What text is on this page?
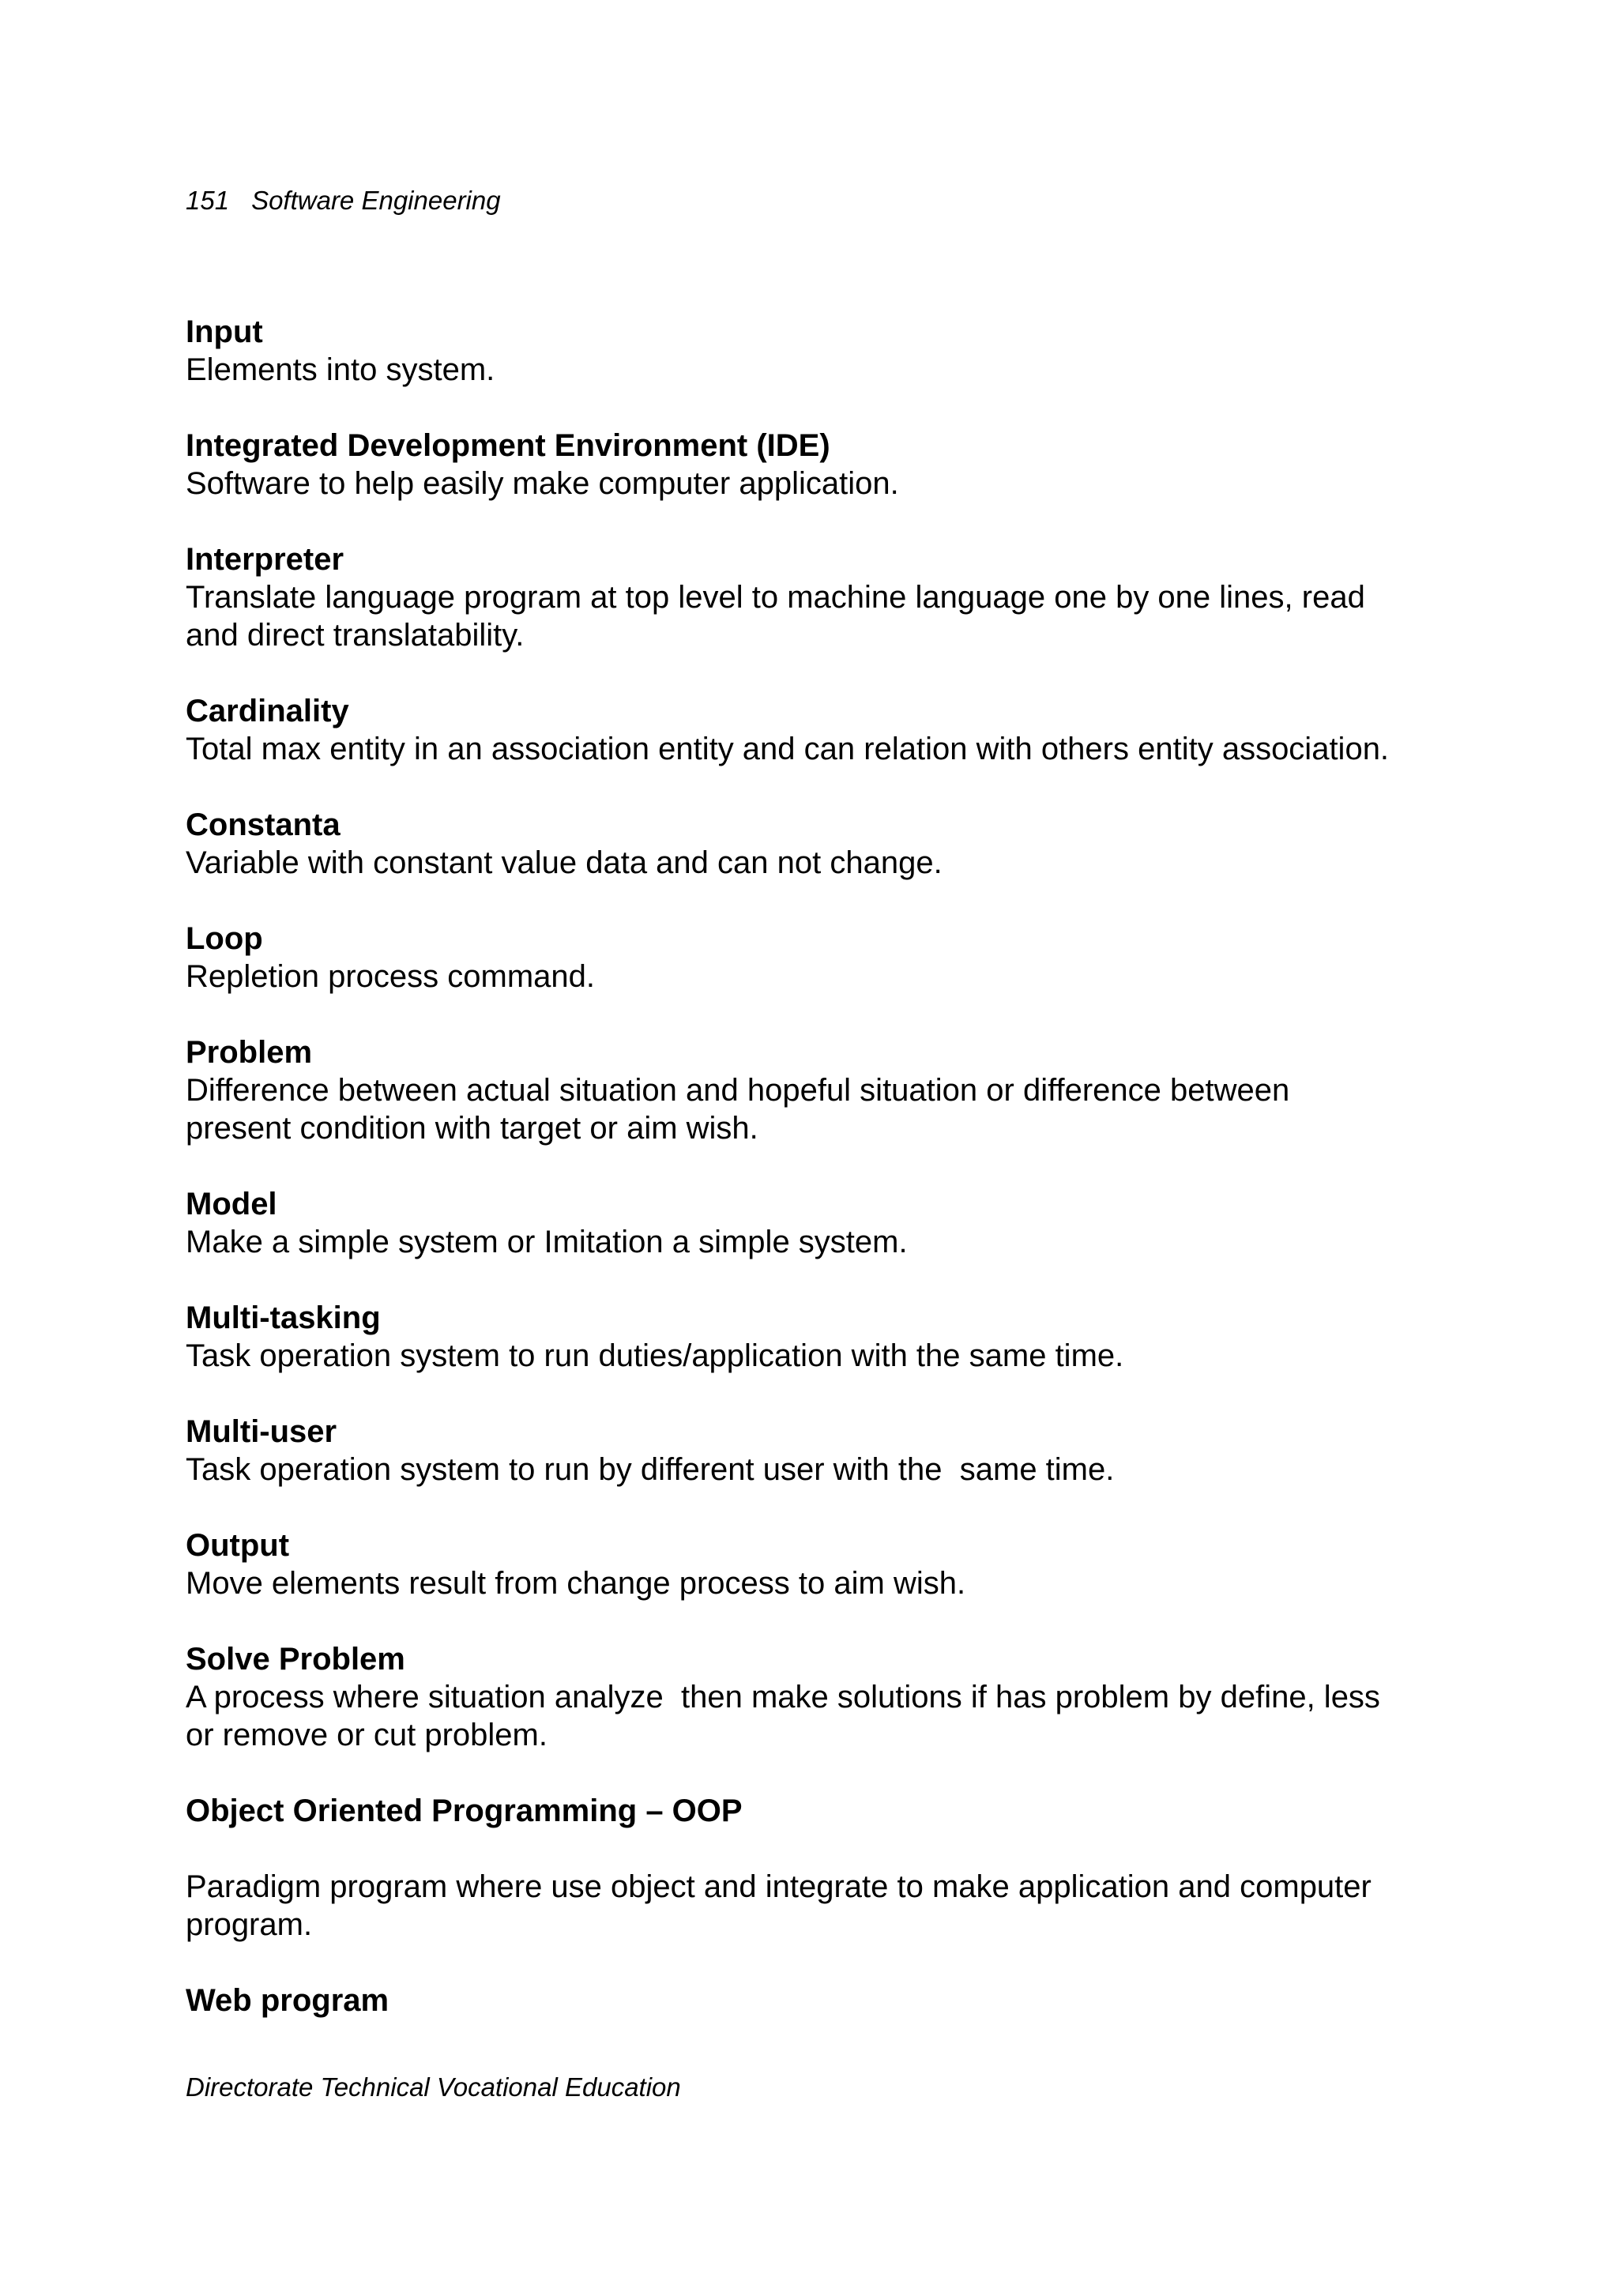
151 Software Engineering

Input

Elements into system.

Integrated Development Environment (IDE)

Software to help easily make computer application.

Interpreter

Translate language program at top level to machine language one by one lines, read
and direct translatability.

Cardinality

Total max entity in an association entity and can relation with others entity association.

Constanta

Variable with constant value data and can not change.

Loop

Repletion process command.

Problem

Difference between actual situation and hopeful situation or difference between
present condition with target or aim wish.

Model

Make a simple system or Imitation a simple system.

Multi-tasking

Task operation system to run duties/application with the same time.

Multi-user

Task operation system to run by different user with the  same time.

Output

Move elements result from change process to aim wish.

Solve Problem

A process where situation analyze  then make solutions if has problem by define, less
or remove or cut problem.

Object Oriented Programming – OOP

Paradigm program where use object and integrate to make application and computer
program.

Web program

Directorate Technical Vocational Education
